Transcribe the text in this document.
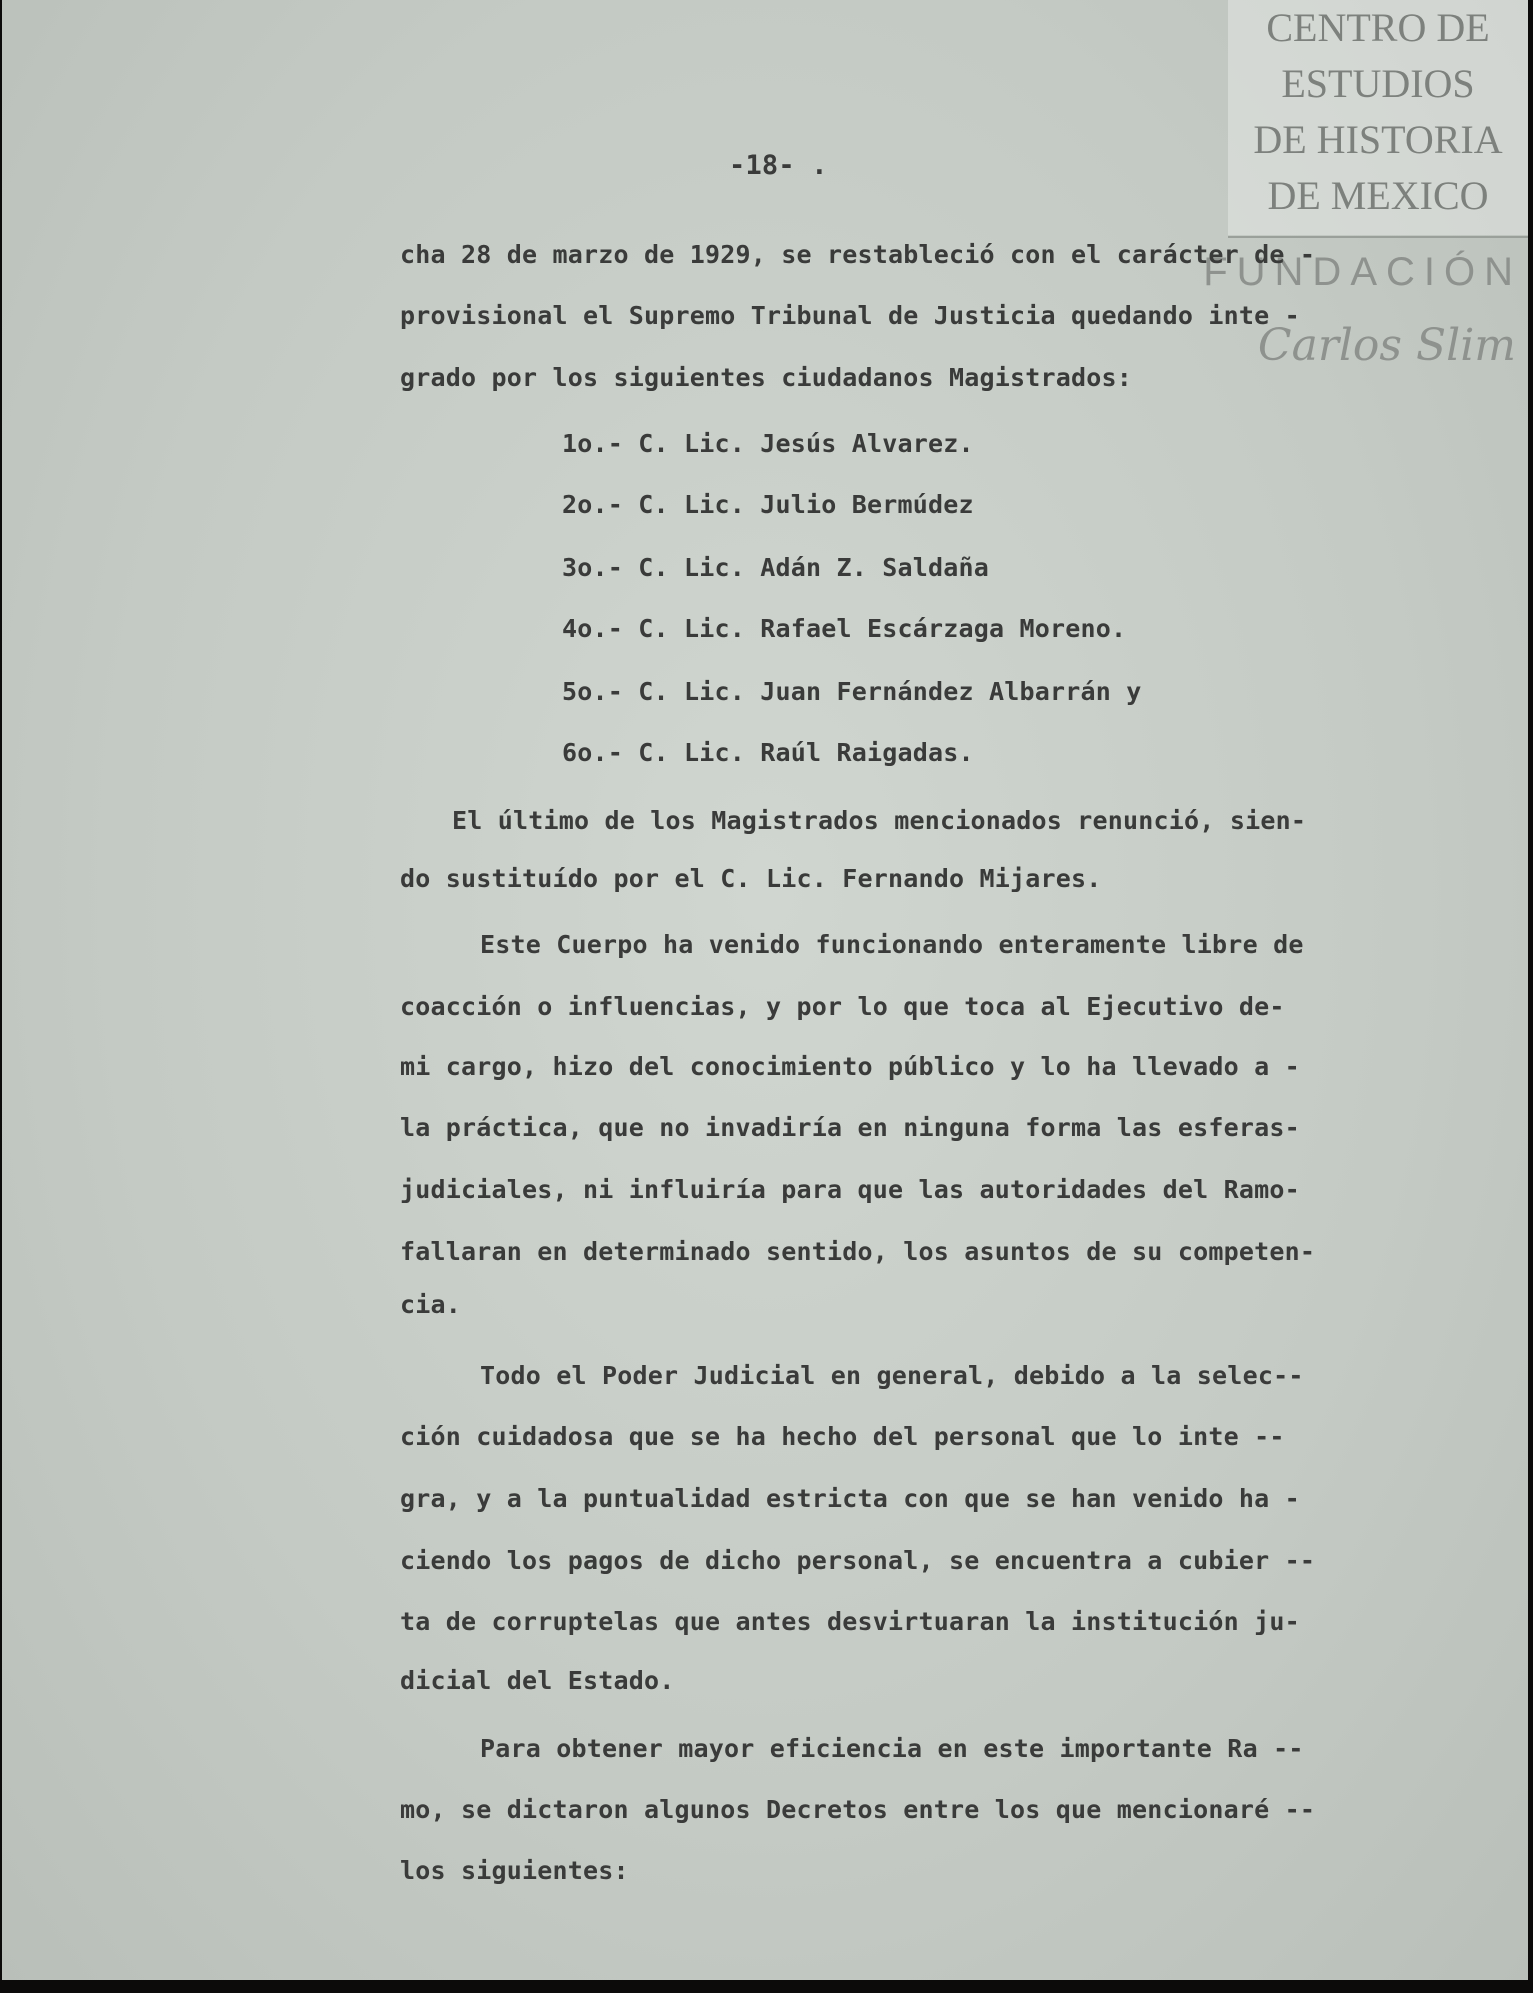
CENTRO DE
ESTUDIOS
DE HISTORIA
DE MEXICO
FUNDACIÓN
Carlos Slim
-18- .
cha 28 de marzo de 1929, se restableció con el carácter de -
provisional el Supremo Tribunal de Justicia quedando inte -
grado por los siguientes ciudadanos Magistrados:
1o.- C. Lic. Jesús Alvarez.
2o.- C. Lic. Julio Bermúdez
3o.- C. Lic. Adán Z. Saldaña
4o.- C. Lic. Rafael Escárzaga Moreno.
5o.- C. Lic. Juan Fernández Albarrán y
6o.- C. Lic. Raúl Raigadas.
El último de los Magistrados mencionados renunció, sien-
do sustituído por el C. Lic. Fernando Mijares.
Este Cuerpo ha venido funcionando enteramente libre de
coacción o influencias, y por lo que toca al Ejecutivo de-
mi cargo, hizo del conocimiento público y lo ha llevado a -
la práctica, que no invadiría en ninguna forma las esferas-
judiciales, ni influiría para que las autoridades del Ramo-
fallaran en determinado sentido, los asuntos de su competen-
cia.
Todo el Poder Judicial en general, debido a la selec--
ción cuidadosa que se ha hecho del personal que lo inte --
gra, y a la puntualidad estricta con que se han venido ha -
ciendo los pagos de dicho personal, se encuentra a cubier --
ta de corruptelas que antes desvirtuaran la institución ju-
dicial del Estado.
Para obtener mayor eficiencia en este importante Ra --
mo, se dictaron algunos Decretos entre los que mencionaré --
los siguientes:
